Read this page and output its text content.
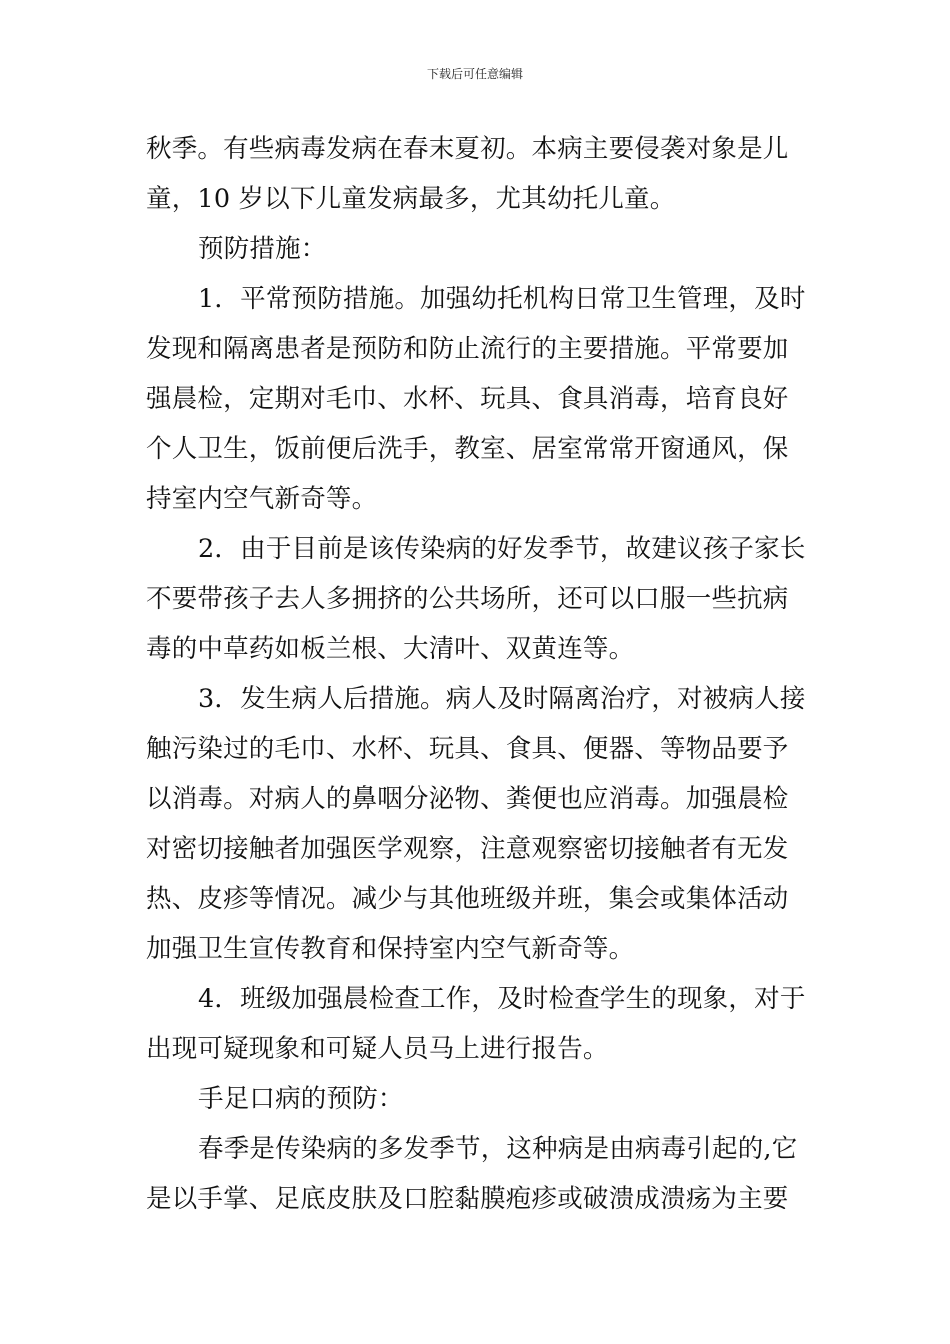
下载后可任意编辑
秋季。有些病毒发病在春末夏初。本病主要侵袭对象是儿
童，10 岁以下儿童发病最多，尤其幼托儿童。
预防措施：
1．平常预防措施。加强幼托机构日常卫生管理，及时
发现和隔离患者是预防和防止流行的主要措施。平常要加
强晨检，定期对毛巾、水杯、玩具、食具消毒，培育良好
个人卫生，饭前便后洗手，教室、居室常常开窗通风，保
持室内空气新奇等。
2．由于目前是该传染病的好发季节，故建议孩子家长
不要带孩子去人多拥挤的公共场所，还可以口服一些抗病
毒的中草药如板兰根、大清叶、双黄连等。
3．发生病人后措施。病人及时隔离治疗，对被病人接
触污染过的毛巾、水杯、玩具、食具、便器、等物品要予
以消毒。对病人的鼻咽分泌物、粪便也应消毒。加强晨检
对密切接触者加强医学观察，注意观察密切接触者有无发
热、皮疹等情况。减少与其他班级并班，集会或集体活动
加强卫生宣传教育和保持室内空气新奇等。
4．班级加强晨检查工作，及时检查学生的现象，对于
出现可疑现象和可疑人员马上进行报告。
手足口病的预防：
春季是传染病的多发季节，这种病是由病毒引起的,它
是以手掌、足底皮肤及口腔黏膜疱疹或破溃成溃疡为主要
